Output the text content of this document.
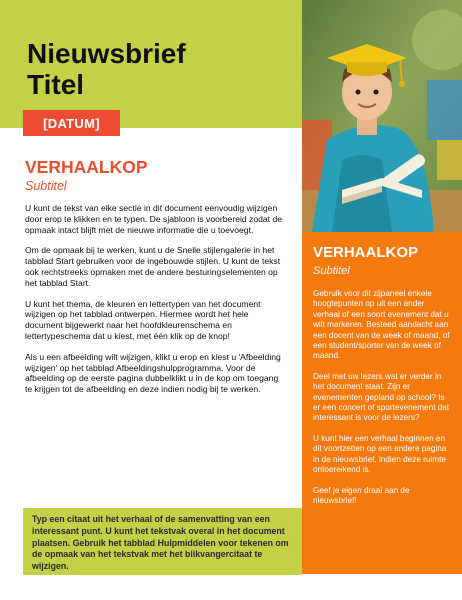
Nieuwsbrief
Titel
[DATUM]
VERHAALKOP
Subtitel

U kunt de tekst van elke sectie in dit document eenvoudig wijzigen door erop te klikken en te typen. De sjabloon is voorbereid zodat de opmaak intact blijft met de nieuwe informatie die u toevoegt.

Om de opmaak bij te werken, kunt u de Snelle stijlengalerie in het tabblad Start gebruiken voor de ingebouwde stijlen. U kunt de tekst ook rechtstreeks opmaken met de andere besturingselementen op het tabblad Start.

U kunt het thema, de kleuren en lettertypen van het document wijzigen op het tabblad ontwerpen. Hiermee wordt het hele document bijgewerkt naar het hoofdkleurenschema en lettertypeschema dat u kiest, met één klik op de knop!

Als u een afbeelding wilt wijzigen, klikt u erop en kiest u 'Afbeelding wijzigen' op het tabblad Afbeeldingshulpprogramma. Voor de afbeelding op de eerste pagina dubbelklikt u in de kop om toegang te krijgen tot de afbeelding en deze indien nodig bij te werken.

VERHAALKOP
Subtitel

Gebruik voor dit zijpaneel enkele hoogtepunten op uit een ander verhaal of een soort evenement dat u wilt markeren. Besteed aandacht aan een docent van de week of maand, of een student/sporter van de week of maand.

Deel met uw lezers wat er verder in het document staat. Zijn er evenementen gepland op school? Is er een concert of sportevenement dat interessant is voor de lezers?

U kunt hier een verhaal beginnen en dit voortzetten op een andere pagina in de nieuwsbrief, indien deze ruimte ontoereikend is.

Geef je eigen draai aan de nieuwsbrief!

Typ een citaat uit het verhaal of de samenvatting van een interessant punt. U kunt het tekstvak overal in het document plaatsen. Gebruik het tabblad Hulpmiddelen voor tekenen om de opmaak van het tekstvak met het blikvangercitaat te wijzigen.
